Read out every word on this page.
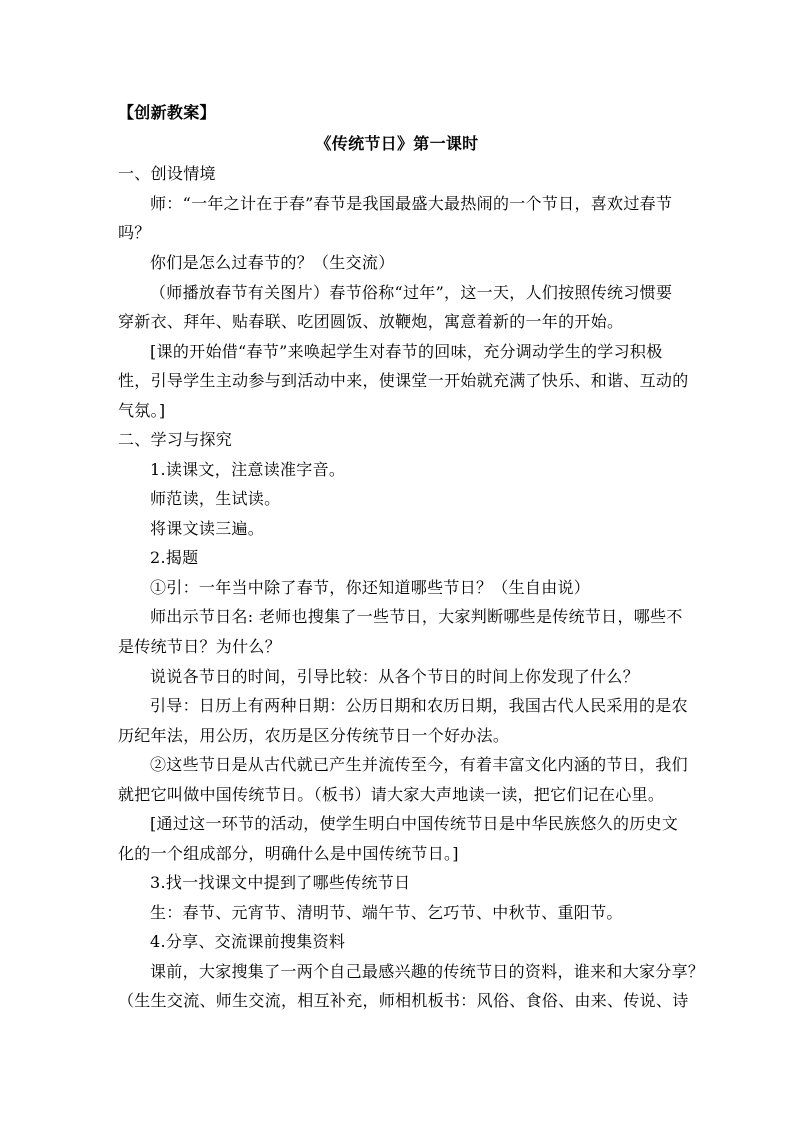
【创新教案】
《传统节日》第一课时
一、创设情境
师：“一年之计在于春”春节是我国最盛大最热闹的一个节日，喜欢过春节
吗？
你们是怎么过春节的？（生交流）
（师播放春节有关图片）春节俗称“过年”，这一天，人们按照传统习惯要
穿新衣、拜年、贴春联、吃团圆饭、放鞭炮，寓意着新的一年的开始。
[课的开始借“春节”来唤起学生对春节的回味，充分调动学生的学习积极
性，引导学生主动参与到活动中来，使课堂一开始就充满了快乐、和谐、互动的
气氛。]
二、学习与探究
1.读课文，注意读准字音。
师范读，生试读。
将课文读三遍。
2.揭题
①引：一年当中除了春节，你还知道哪些节日？（生自由说）
师出示节日名: 老师也搜集了一些节日，大家判断哪些是传统节日，哪些不
是传统节日？为什么？
说说各节日的时间，引导比较：从各个节日的时间上你发现了什么？
引导：日历上有两种日期：公历日期和农历日期，我国古代人民采用的是农
历纪年法，用公历，农历是区分传统节日一个好办法。
②这些节日是从古代就已产生并流传至今，有着丰富文化内涵的节日，我们
就把它叫做中国传统节日。（板书）请大家大声地读一读，把它们记在心里。
[通过这一环节的活动，使学生明白中国传统节日是中华民族悠久的历史文
化的一个组成部分，明确什么是中国传统节日。]
3.找一找课文中提到了哪些传统节日
生：春节、元宵节、清明节、端午节、乞巧节、中秋节、重阳节。
4.分享、交流课前搜集资料
课前，大家搜集了一两个自己最感兴趣的传统节日的资料，谁来和大家分享？
（生生交流、师生交流，相互补充，师相机板书：风俗、食俗、由来、传说、诗
